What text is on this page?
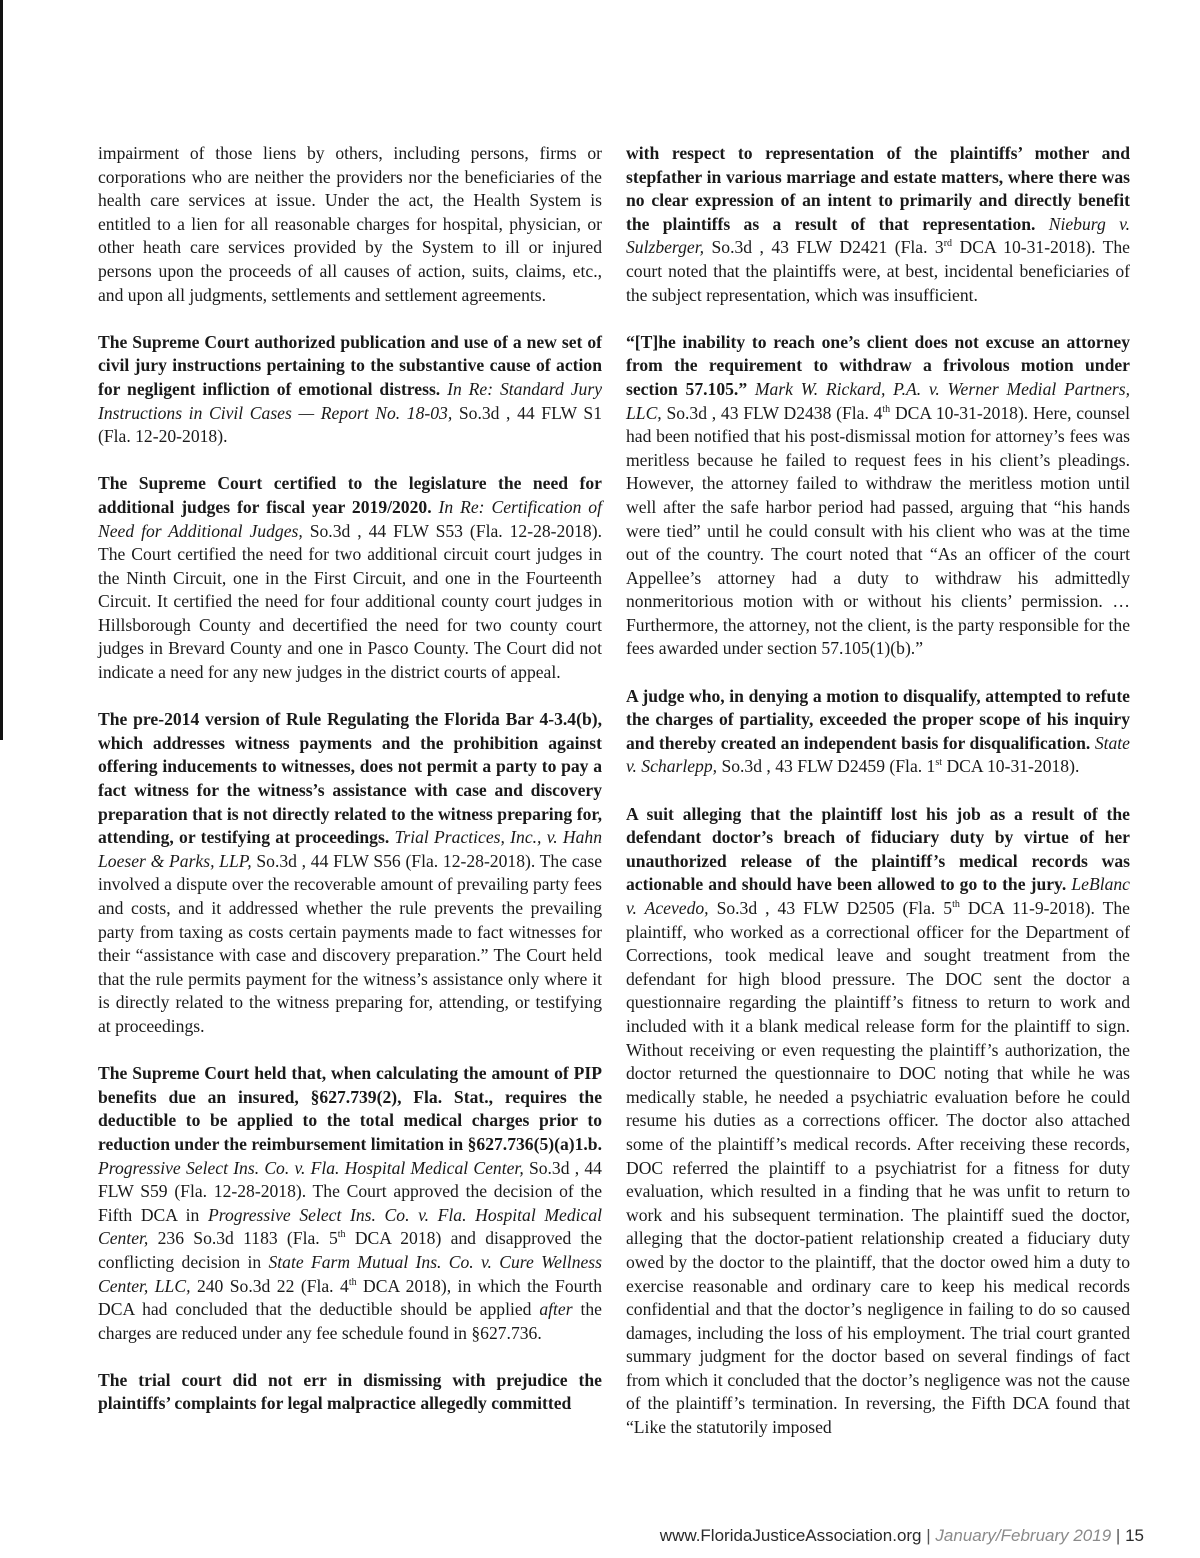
impairment of those liens by others, including persons, firms or corporations who are neither the providers nor the beneficiaries of the health care services at issue. Under the act, the Health System is entitled to a lien for all reasonable charges for hospital, physician, or other heath care services provided by the System to ill or injured persons upon the proceeds of all causes of action, suits, claims, etc., and upon all judgments, settlements and settlement agreements.

The Supreme Court authorized publication and use of a new set of civil jury instructions pertaining to the substantive cause of action for negligent infliction of emotional distress. In Re: Standard Jury Instructions in Civil Cases — Report No. 18-03, So.3d , 44 FLW S1 (Fla. 12-20-2018).

The Supreme Court certified to the legislature the need for additional judges for fiscal year 2019/2020. In Re: Certification of Need for Additional Judges, So.3d , 44 FLW S53 (Fla. 12-28-2018). The Court certified the need for two additional circuit court judges in the Ninth Circuit, one in the First Circuit, and one in the Fourteenth Circuit. It certified the need for four additional county court judges in Hillsborough County and decertified the need for two county court judges in Brevard County and one in Pasco County. The Court did not indicate a need for any new judges in the district courts of appeal.

The pre-2014 version of Rule Regulating the Florida Bar 4-3.4(b), which addresses witness payments and the prohibition against offering inducements to witnesses, does not permit a party to pay a fact witness for the witness’s assistance with case and discovery preparation that is not directly related to the witness preparing for, attending, or testifying at proceedings. Trial Practices, Inc., v. Hahn Loeser & Parks, LLP, So.3d , 44 FLW S56 (Fla. 12-28-2018). The case involved a dispute over the recoverable amount of prevailing party fees and costs, and it addressed whether the rule prevents the prevailing party from taxing as costs certain payments made to fact witnesses for their “assistance with case and discovery preparation.” The Court held that the rule permits payment for the witness’s assistance only where it is directly related to the witness preparing for, attending, or testifying at proceedings.

The Supreme Court held that, when calculating the amount of PIP benefits due an insured, §627.739(2), Fla. Stat., requires the deductible to be applied to the total medical charges prior to reduction under the reimbursement limitation in §627.736(5)(a)1.b. Progressive Select Ins. Co. v. Fla. Hospital Medical Center, So.3d , 44 FLW S59 (Fla. 12-28-2018). The Court approved the decision of the Fifth DCA in Progressive Select Ins. Co. v. Fla. Hospital Medical Center, 236 So.3d 1183 (Fla. 5th DCA 2018) and disapproved the conflicting decision in State Farm Mutual Ins. Co. v. Cure Wellness Center, LLC, 240 So.3d 22 (Fla. 4th DCA 2018), in which the Fourth DCA had concluded that the deductible should be applied after the charges are reduced under any fee schedule found in §627.736.

The trial court did not err in dismissing with prejudice the plaintiffs’ complaints for legal malpractice allegedly committed

with respect to representation of the plaintiffs’ mother and stepfather in various marriage and estate matters, where there was no clear expression of an intent to primarily and directly benefit the plaintiffs as a result of that representation. Nieburg v. Sulzberger, So.3d , 43 FLW D2421 (Fla. 3rd DCA 10-31-2018). The court noted that the plaintiffs were, at best, incidental beneficiaries of the subject representation, which was insufficient.

“[T]he inability to reach one’s client does not excuse an attorney from the requirement to withdraw a frivolous motion under section 57.105.” Mark W. Rickard, P.A. v. Werner Medial Partners, LLC, So.3d , 43 FLW D2438 (Fla. 4th DCA 10-31-2018). Here, counsel had been notified that his post-dismissal motion for attorney’s fees was meritless because he failed to request fees in his client’s pleadings. However, the attorney failed to withdraw the meritless motion until well after the safe harbor period had passed, arguing that “his hands were tied” until he could consult with his client who was at the time out of the country. The court noted that “As an officer of the court Appellee’s attorney had a duty to withdraw his admittedly nonmeritorious motion with or without his clients’ permission. … Furthermore, the attorney, not the client, is the party responsible for the fees awarded under section 57.105(1)(b).”

A judge who, in denying a motion to disqualify, attempted to refute the charges of partiality, exceeded the proper scope of his inquiry and thereby created an independent basis for disqualification. State v. Scharlepp, So.3d , 43 FLW D2459 (Fla. 1st DCA 10-31-2018).

A suit alleging that the plaintiff lost his job as a result of the defendant doctor’s breach of fiduciary duty by virtue of her unauthorized release of the plaintiff’s medical records was actionable and should have been allowed to go to the jury. LeBlanc v. Acevedo, So.3d , 43 FLW D2505 (Fla. 5th DCA 11-9-2018). The plaintiff, who worked as a correctional officer for the Department of Corrections, took medical leave and sought treatment from the defendant for high blood pressure. The DOC sent the doctor a questionnaire regarding the plaintiff’s fitness to return to work and included with it a blank medical release form for the plaintiff to sign. Without receiving or even requesting the plaintiff’s authorization, the doctor returned the questionnaire to DOC noting that while he was medically stable, he needed a psychiatric evaluation before he could resume his duties as a corrections officer. The doctor also attached some of the plaintiff’s medical records. After receiving these records, DOC referred the plaintiff to a psychiatrist for a fitness for duty evaluation, which resulted in a finding that he was unfit to return to work and his subsequent termination. The plaintiff sued the doctor, alleging that the doctor-patient relationship created a fiduciary duty owed by the doctor to the plaintiff, that the doctor owed him a duty to exercise reasonable and ordinary care to keep his medical records confidential and that the doctor’s negligence in failing to do so caused damages, including the loss of his employment. The trial court granted summary judgment for the doctor based on several findings of fact from which it concluded that the doctor’s negligence was not the cause of the plaintiff’s termination. In reversing, the Fifth DCA found that “Like the statutorily imposed

www.FloridaJusticeAssociation.org | January/February 2019 | 15
